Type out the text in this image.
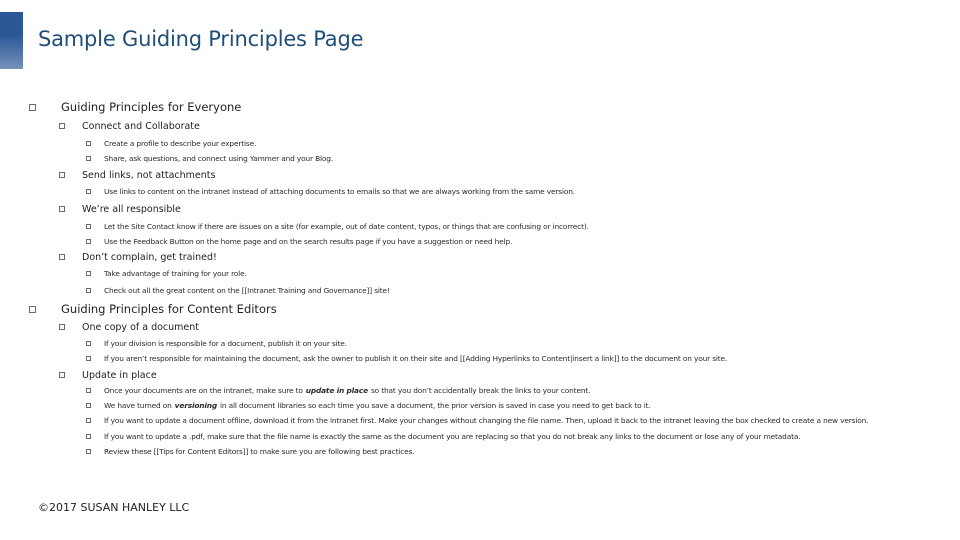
Sample Guiding Principles Page
Guiding Principles for Everyone
Connect and Collaborate
Create a profile to describe your expertise.
Share, ask questions, and connect using Yammer and your Blog.
Send links, not attachments
Use links to content on the intranet instead of attaching documents to emails so that we are always working from the same version.
We’re all responsible
Let the Site Contact know if there are issues on a site (for example, out of date content, typos, or things that are confusing or incorrect).
Use the Feedback Button on the home page and on the search results page if you have a suggestion or need help.
Don’t complain, get trained!
Take advantage of training for your role.
Check out all the great content on the [[Intranet Training and Governance]] site!
Guiding Principles for Content Editors
One copy of a document
If your division is responsible for a document, publish it on your site.
If you aren’t responsible for maintaining the document, ask the owner to publish it on their site and [[Adding Hyperlinks to Content|insert a link]] to the document on your site.
Update in place
Once your documents are on the intranet, make sure to update in place so that you don’t accidentally break the links to your content.
We have turned on versioning in all document libraries so each time you save a document, the prior version is saved in case you need to get back to it.
If you want to update a document offline, download it from the intranet first. Make your changes without changing the file name. Then, upload it back to the intranet leaving the box checked to create a new version.
If you want to update a .pdf, make sure that the file name is exactly the same as the document you are replacing so that you do not break any links to the document or lose any of your metadata.
Review these [[Tips for Content Editors]] to make sure you are following best practices.
©2017 SUSAN HANLEY LLC
